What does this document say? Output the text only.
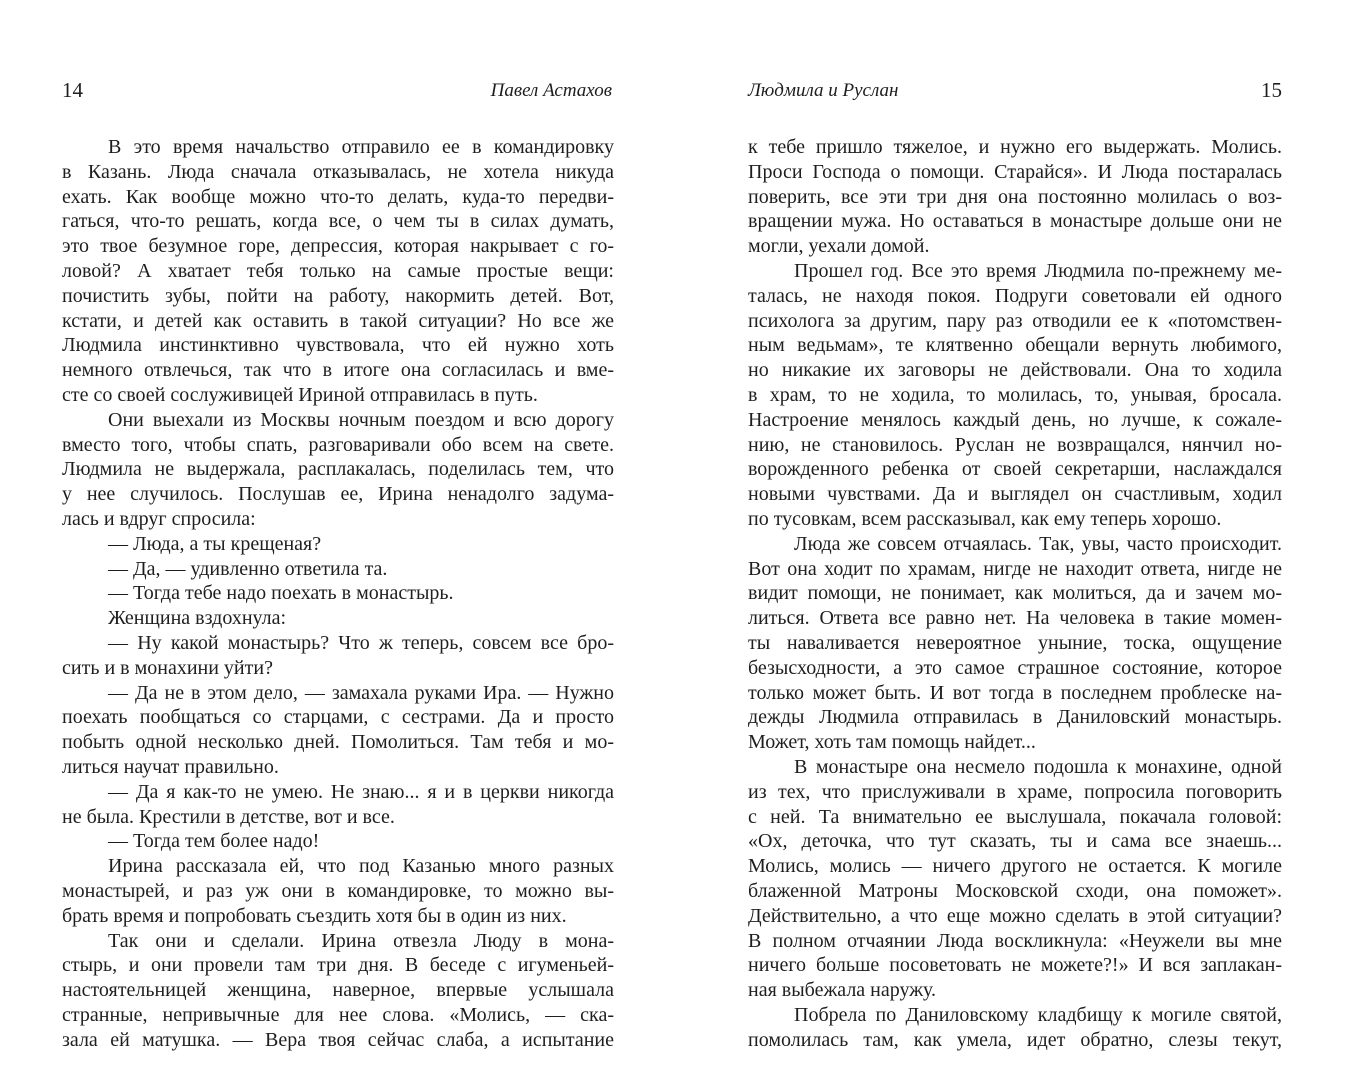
14	Павел Астахов
В это время начальство отправило ее в командировку
в Казань. Люда сначала отказывалась, не хотела никуда
ехать. Как вообще можно что-то делать, куда-то передви-
гаться, что-то решать, когда все, о чем ты в силах думать,
это твое безумное горе, депрессия, которая накрывает с го-
ловой? А хватает тебя только на самые простые вещи:
почистить зубы, пойти на работу, накормить детей. Вот,
кстати, и детей как оставить в такой ситуации? Но все же
Людмила инстинктивно чувствовала, что ей нужно хоть
немного отвлечься, так что в итоге она согласилась и вме-
сте со своей сослуживицей Ириной отправилась в путь.
Они выехали из Москвы ночным поездом и всю дорогу
вместо того, чтобы спать, разговаривали обо всем на свете.
Людмила не выдержала, расплакалась, поделилась тем, что
у нее случилось. Послушав ее, Ирина ненадолго задума-
лась и вдруг спросила:
— Люда, а ты крещеная?
— Да, — удивленно ответила та.
— Тогда тебе надо поехать в монастырь.
Женщина вздохнула:
— Ну какой монастырь? Что ж теперь, совсем все бро-
сить и в монахини уйти?
— Да не в этом дело, — замахала руками Ира. — Нужно
поехать пообщаться со старцами, с сестрами. Да и просто
побыть одной несколько дней. Помолиться. Там тебя и мо-
литься научат правильно.
— Да я как-то не умею. Не знаю... я и в церкви никогда
не была. Крестили в детстве, вот и все.
— Тогда тем более надо!
Ирина рассказала ей, что под Казанью много разных
монастырей, и раз уж они в командировке, то можно вы-
брать время и попробовать съездить хотя бы в один из них.
Так они и сделали. Ирина отвезла Люду в мона-
стырь, и они провели там три дня. В беседе с игуменьей-
настоятельницей женщина, наверное, впервые услышала
странные, непривычные для нее слова. «Молись, — ска-
зала ей матушка. — Вера твоя сейчас слаба, а испытание
Людмила и Руслан	15
к тебе пришло тяжелое, и нужно его выдержать. Молись.
Проси Господа о помощи. Старайся». И Люда постаралась
поверить, все эти три дня она постоянно молилась о воз-
вращении мужа. Но оставаться в монастыре дольше они не
могли, уехали домой.
Прошел год. Все это время Людмила по-прежнему ме-
талась, не находя покоя. Подруги советовали ей одного
психолога за другим, пару раз отводили ее к «потомствен-
ным ведьмам», те клятвенно обещали вернуть любимого,
но никакие их заговоры не действовали. Она то ходила
в храм, то не ходила, то молилась, то, унывая, бросала.
Настроение менялось каждый день, но лучше, к сожале-
нию, не становилось. Руслан не возвращался, нянчил но-
ворожденного ребенка от своей секретарши, наслаждался
новыми чувствами. Да и выглядел он счастливым, ходил
по тусовкам, всем рассказывал, как ему теперь хорошо.
Люда же совсем отчаялась. Так, увы, часто происходит.
Вот она ходит по храмам, нигде не находит ответа, нигде не
видит помощи, не понимает, как молиться, да и зачем мо-
литься. Ответа все равно нет. На человека в такие момен-
ты наваливается невероятное уныние, тоска, ощущение
безысходности, а это самое страшное состояние, которое
только может быть. И вот тогда в последнем проблеске на-
дежды Людмила отправилась в Даниловский монастырь.
Может, хоть там помощь найдет...
В монастыре она несмело подошла к монахине, одной
из тех, что прислуживали в храме, попросила поговорить
с ней. Та внимательно ее выслушала, покачала головой:
«Ох, деточка, что тут сказать, ты и сама все знаешь...
Молись, молись — ничего другого не остается. К могиле
блаженной Матроны Московской сходи, она поможет».
Действительно, а что еще можно сделать в этой ситуации?
В полном отчаянии Люда воскликнула: «Неужели вы мне
ничего больше посоветовать не можете?!» И вся заплакан-
ная выбежала наружу.
Побрела по Даниловскому кладбищу к могиле святой,
помолилась там, как умела, идет обратно, слезы текут,
